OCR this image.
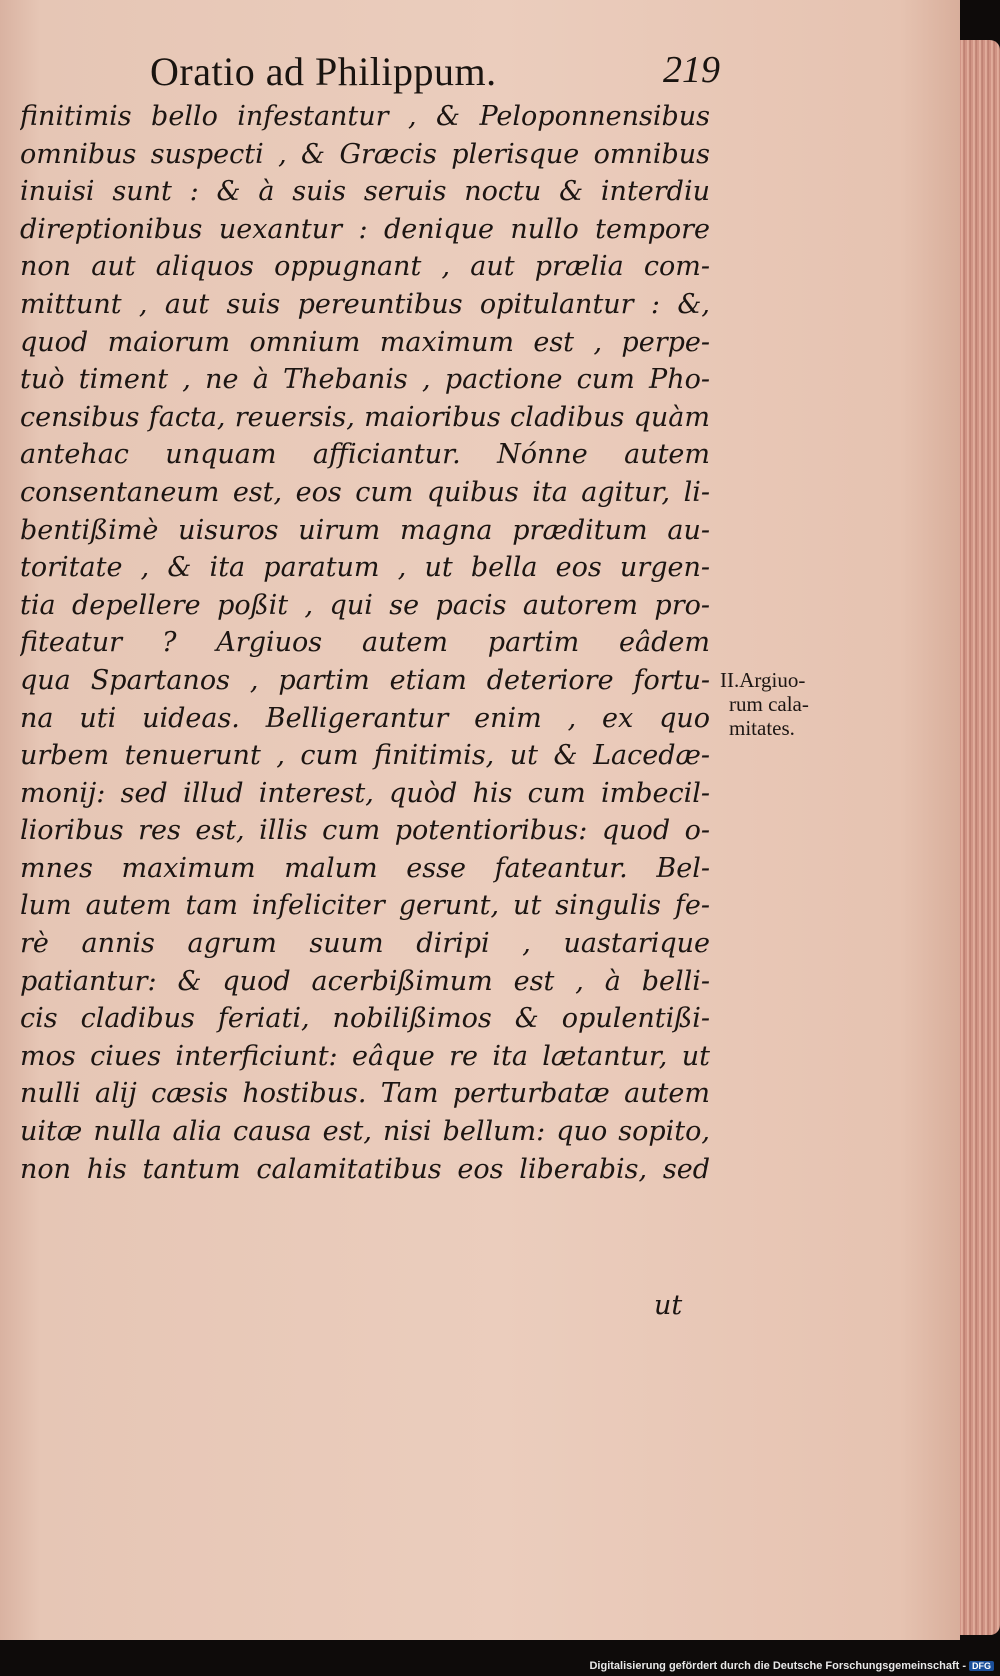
Oratio ad Philippum.	219
finitimis bello infestantur , & Peloponnensibus
omnibus suspecti , & Græcis plerisque omnibus
inuisi sunt : & à suis seruis noctu & interdiu
direptionibus uexantur : denique nullo tempore
non aut aliquos oppugnant , aut prælia com-
mittunt , aut suis pereuntibus opitulantur : &,
quod maiorum omnium maximum est , perpe-
tuò timent , ne à Thebanis , pactione cum Pho-
censibus facta, reuersis, maioribus cladibus quàm
antehac unquam afficiantur. Nónne autem
consentaneum est, eos cum quibus ita agitur, li-
bentißimè uisuros uirum magna præditum au-
toritate , & ita paratum , ut bella eos urgen-
tia depellere poßit , qui se pacis autorem pro-
fiteatur ? Argiuos autem partim eâdem
qua Spartanos , partim etiam deteriore fortu-
na uti uideas. Belligerantur enim , ex quo
urbem tenuerunt , cum finitimis, ut & Lacedæ-
monij: sed illud interest, quòd his cum imbecil-
lioribus res est, illis cum potentioribus: quod o-
mnes maximum malum esse fateantur. Bel-
lum autem tam infeliciter gerunt, ut singulis fe-
rè annis agrum suum diripi , uastarique
patiantur: & quod acerbißimum est , à belli-
cis cladibus feriati, nobilißimos & opulentißi-
mos ciues interficiunt: eâque re ita lætantur, ut
nulli alij cæsis hostibus. Tam perturbatæ autem
uitæ nulla alia causa est, nisi bellum: quo sopito,
non his tantum calamitatibus eos liberabis, sed
ut
II.Argiuo-
rum cala-
mitates.
Digitalisierung gefördert durch die Deutsche Forschungsgemeinschaft - DFG
